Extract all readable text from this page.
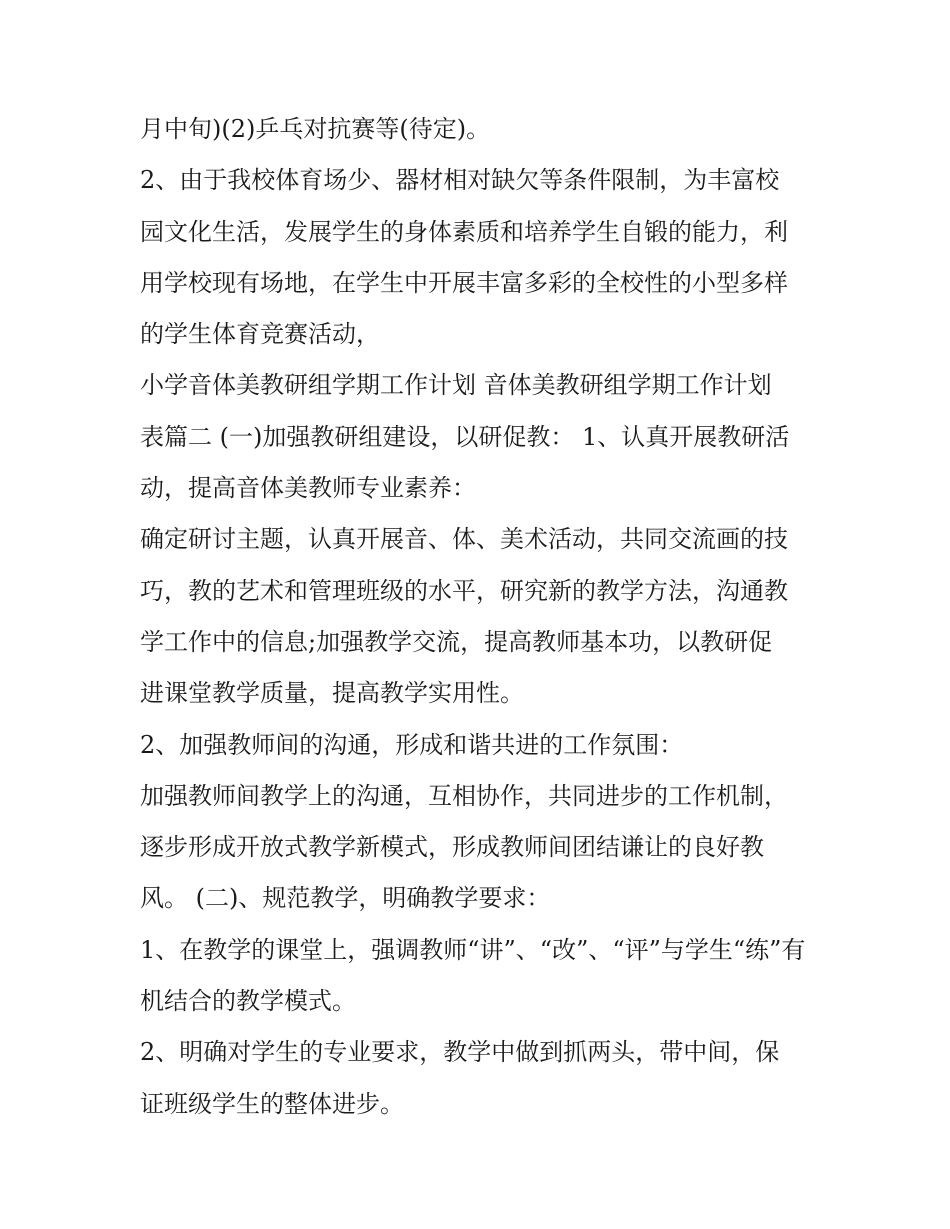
月中旬)(2)乒乓对抗赛等(待定)。
2、由于我校体育场少、器材相对缺欠等条件限制，为丰富校
园文化生活，发展学生的身体素质和培养学生自锻的能力，利
用学校现有场地，在学生中开展丰富多彩的全校性的小型多样
的学生体育竞赛活动，
小学音体美教研组学期工作计划 音体美教研组学期工作计划
表篇二 (一)加强教研组建设，以研促教： 1、认真开展教研活
动，提高音体美教师专业素养：
确定研讨主题，认真开展音、体、美术活动，共同交流画的技
巧，教的艺术和管理班级的水平，研究新的教学方法，沟通教
学工作中的信息;加强教学交流，提高教师基本功，以教研促
进课堂教学质量，提高教学实用性。
2、加强教师间的沟通，形成和谐共进的工作氛围：
加强教师间教学上的沟通，互相协作，共同进步的工作机制，
逐步形成开放式教学新模式，形成教师间团结谦让的良好教
风。 (二)、规范教学，明确教学要求：
1、在教学的课堂上，强调教师“讲”、“改”、“评”与学生“练”有
机结合的教学模式。
2、明确对学生的专业要求，教学中做到抓两头，带中间，保
证班级学生的整体进步。
